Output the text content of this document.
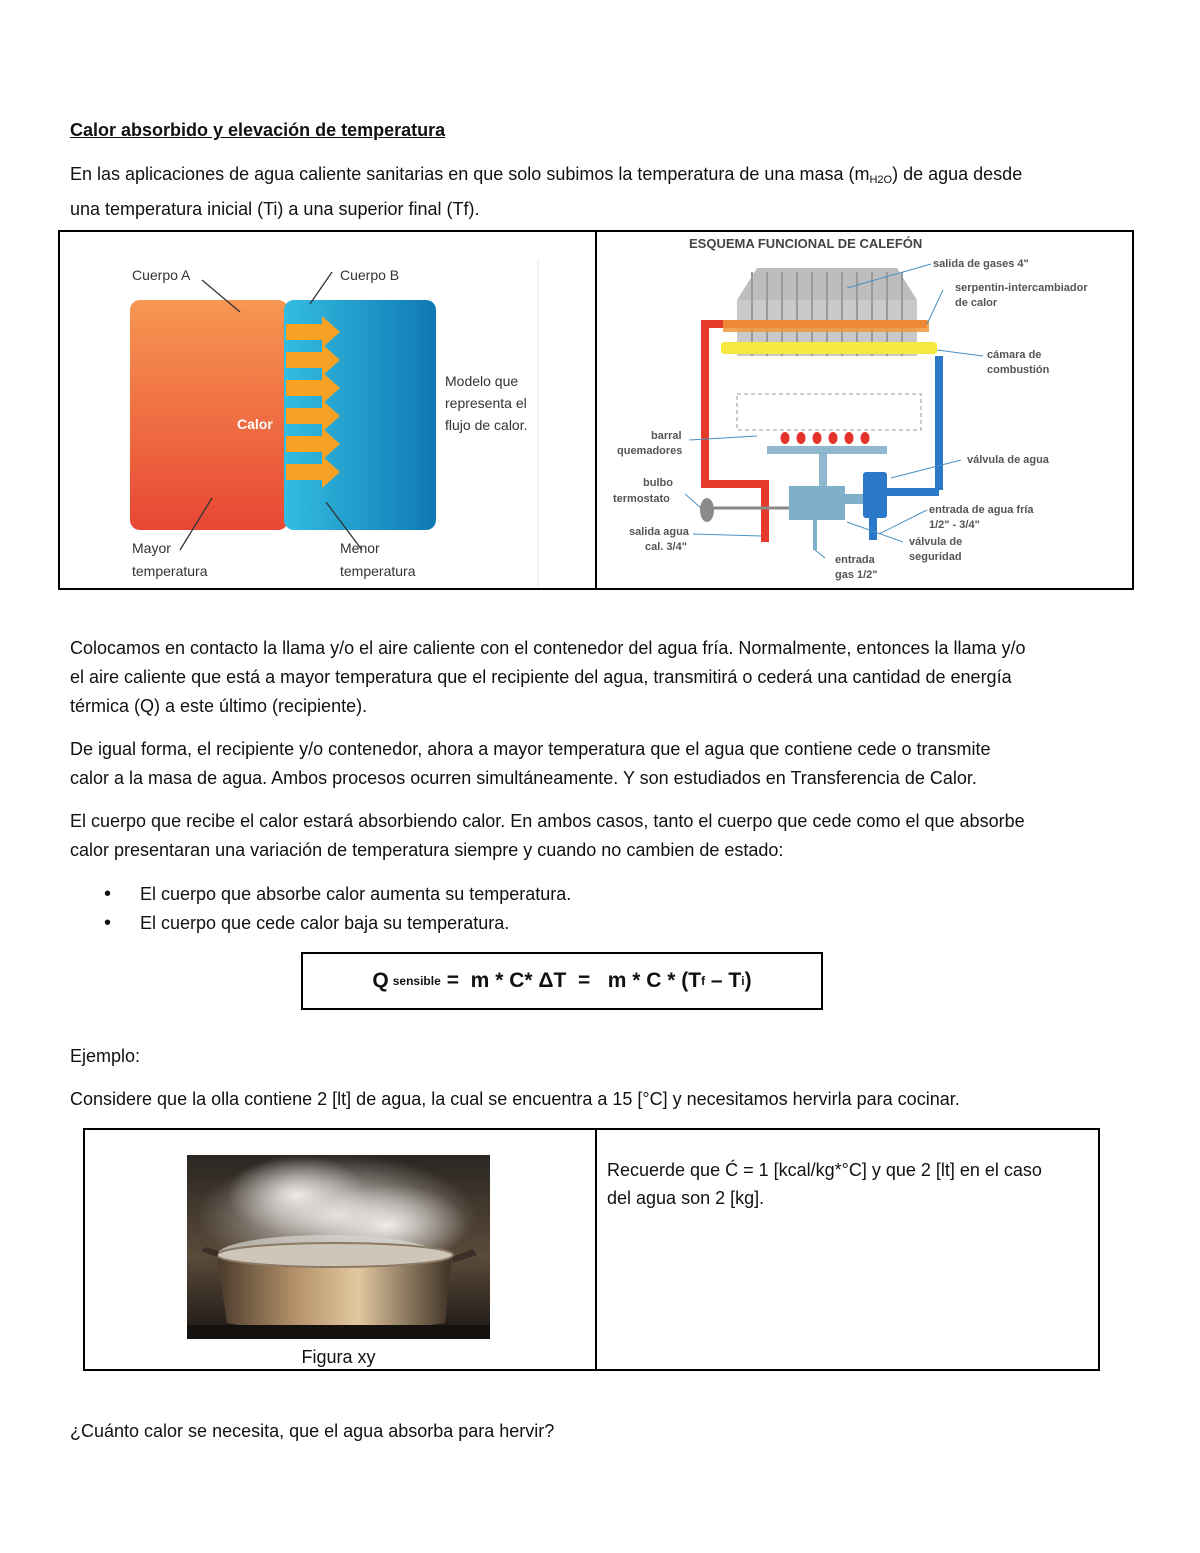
Calor absorbido y elevación de temperatura

En las aplicaciones de agua caliente sanitarias en que solo subimos la temperatura de una masa $(m_{H2O})$ de agua desde
una temperatura inicial (Ti) a una superior final (Tf).

Cuerpo A	Cuerpo B
Calor
Modelo que
representa el
flujo de calor.
Mayor
temperatura
Menor
temperatura
ESQUEMA FUNCIONAL DE CALEFÓN
salida de gases 4"
serpentin-intercambiador
de calor
cámara de
combustión
barral
quemadores
válvula de agua
bulbo
termostato
entrada de agua fría
1/2" - 3/4"
salida agua
cal. 3/4"	válvula de
seguridad
entrada
gas 1/2"

Colocamos en contacto la llama y/o el aire caliente con el contenedor del agua fría. Normalmente, entonces la llama y/o
el aire caliente que está a mayor temperatura que el recipiente del agua, transmitirá o cederá una cantidad de energía
térmica (Q) a este último (recipiente).

De igual forma, el recipiente y/o contenedor, ahora a mayor temperatura que el agua que contiene cede o transmite
calor a la masa de agua. Ambos procesos ocurren simultáneamente. Y son estudiados en Transferencia de Calor.

El cuerpo que recibe el calor estará absorbiendo calor. En ambos casos, tanto el cuerpo que cede como el que absorbe
calor presentaran una variación de temperatura siempre y cuando no cambien de estado:

• El cuerpo que absorbe calor aumenta su temperatura.
• El cuerpo que cede calor baja su temperatura.
Q sensible =  m * C* ΔT  =   m * C * (T f – T i )

Ejemplo:

Considere que la olla contiene 2 [lt] de agua, la cual se encuentra a 15 [°C] y necesitamos hervirla para cocinar.

Figura xy

Recuerde que Ć = 1 [kcal/kg*°C] y que 2 [lt] en el caso
del agua son 2 [kg].

¿Cuánto calor se necesita, que el agua absorba para hervir?
